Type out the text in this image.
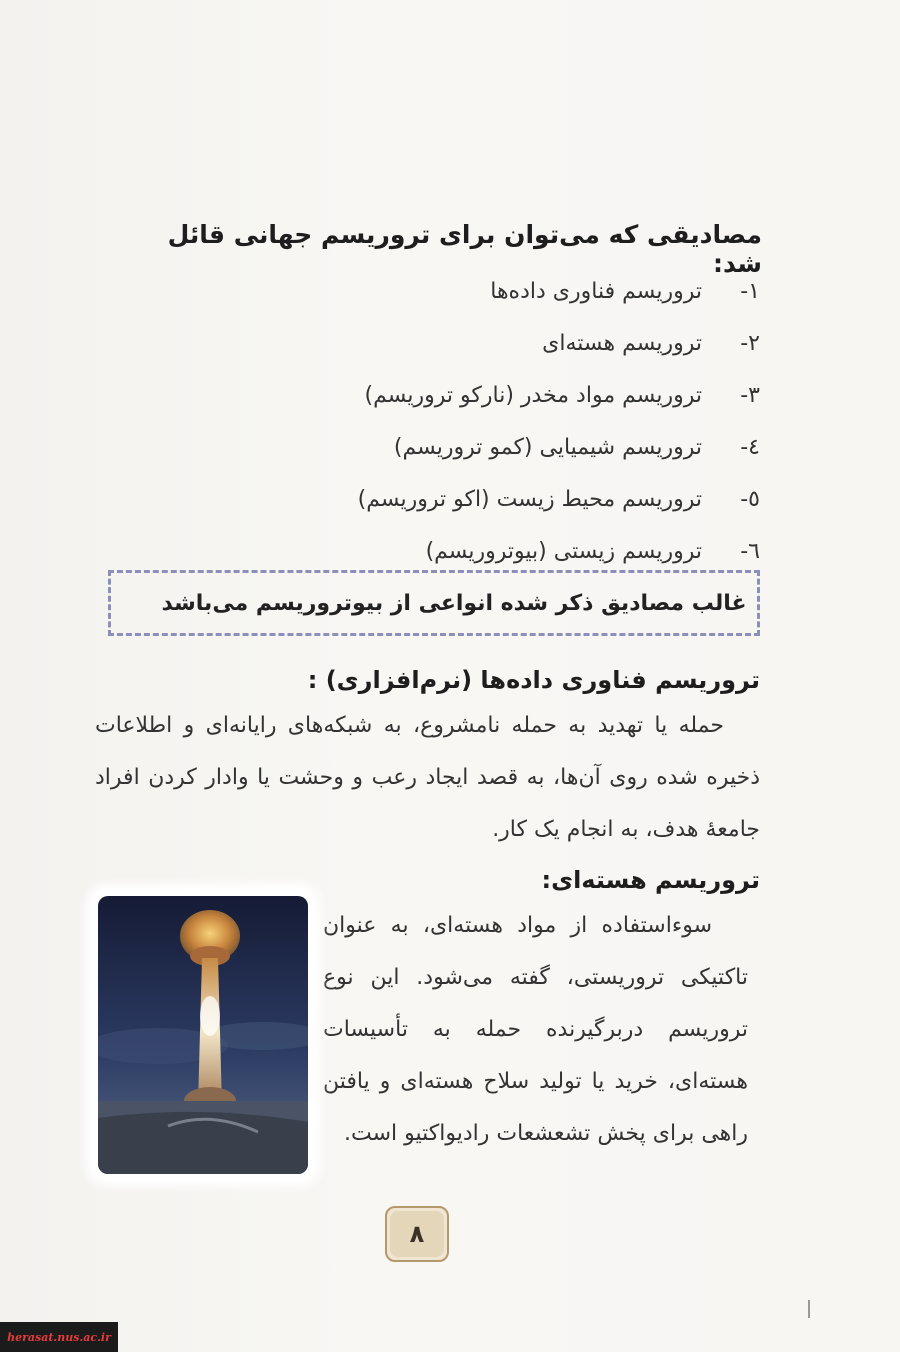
مصادیقی که می‌توان برای تروریسم جهانی قائل شد:
١-
تروریسم فناوری داده‌ها
٢-
تروریسم هسته‌ای
٣-
تروریسم مواد مخدر (نارکو تروریسم)
٤-
تروریسم شیمیایی (کمو تروریسم)
٥-
تروریسم محیط زیست (اکو تروریسم)
٦-
تروریسم زیستی (بیوتروریسم)
غالب مصادیق ذکر شده انواعی از بیوتروریسم می‌باشد
تروریسم فناوری داده‌ها (نرم‌افزاری) :

حمله یا تهدید به حمله نامشروع، به شبکه‌های رایانه‌ای و اطلاعات ذخیره شده روی آن‌ها، به قصد ایجاد رعب و وحشت یا وادار کردن افراد جامعهٔ هدف، به انجام یک کار.

تروریسم هسته‌ای:

سوءاستفاده از مواد هسته‌ای، به عنوان تاکتیکی تروریستی، گفته می‌شود. این نوع تروریسم دربرگیرنده حمله به تأسیسات هسته‌ای، خرید یا تولید سلاح هسته‌ای و یافتن راهی برای پخش تشعشعات رادیواکتیو است.

٨
herasat.nus.ac.ir
